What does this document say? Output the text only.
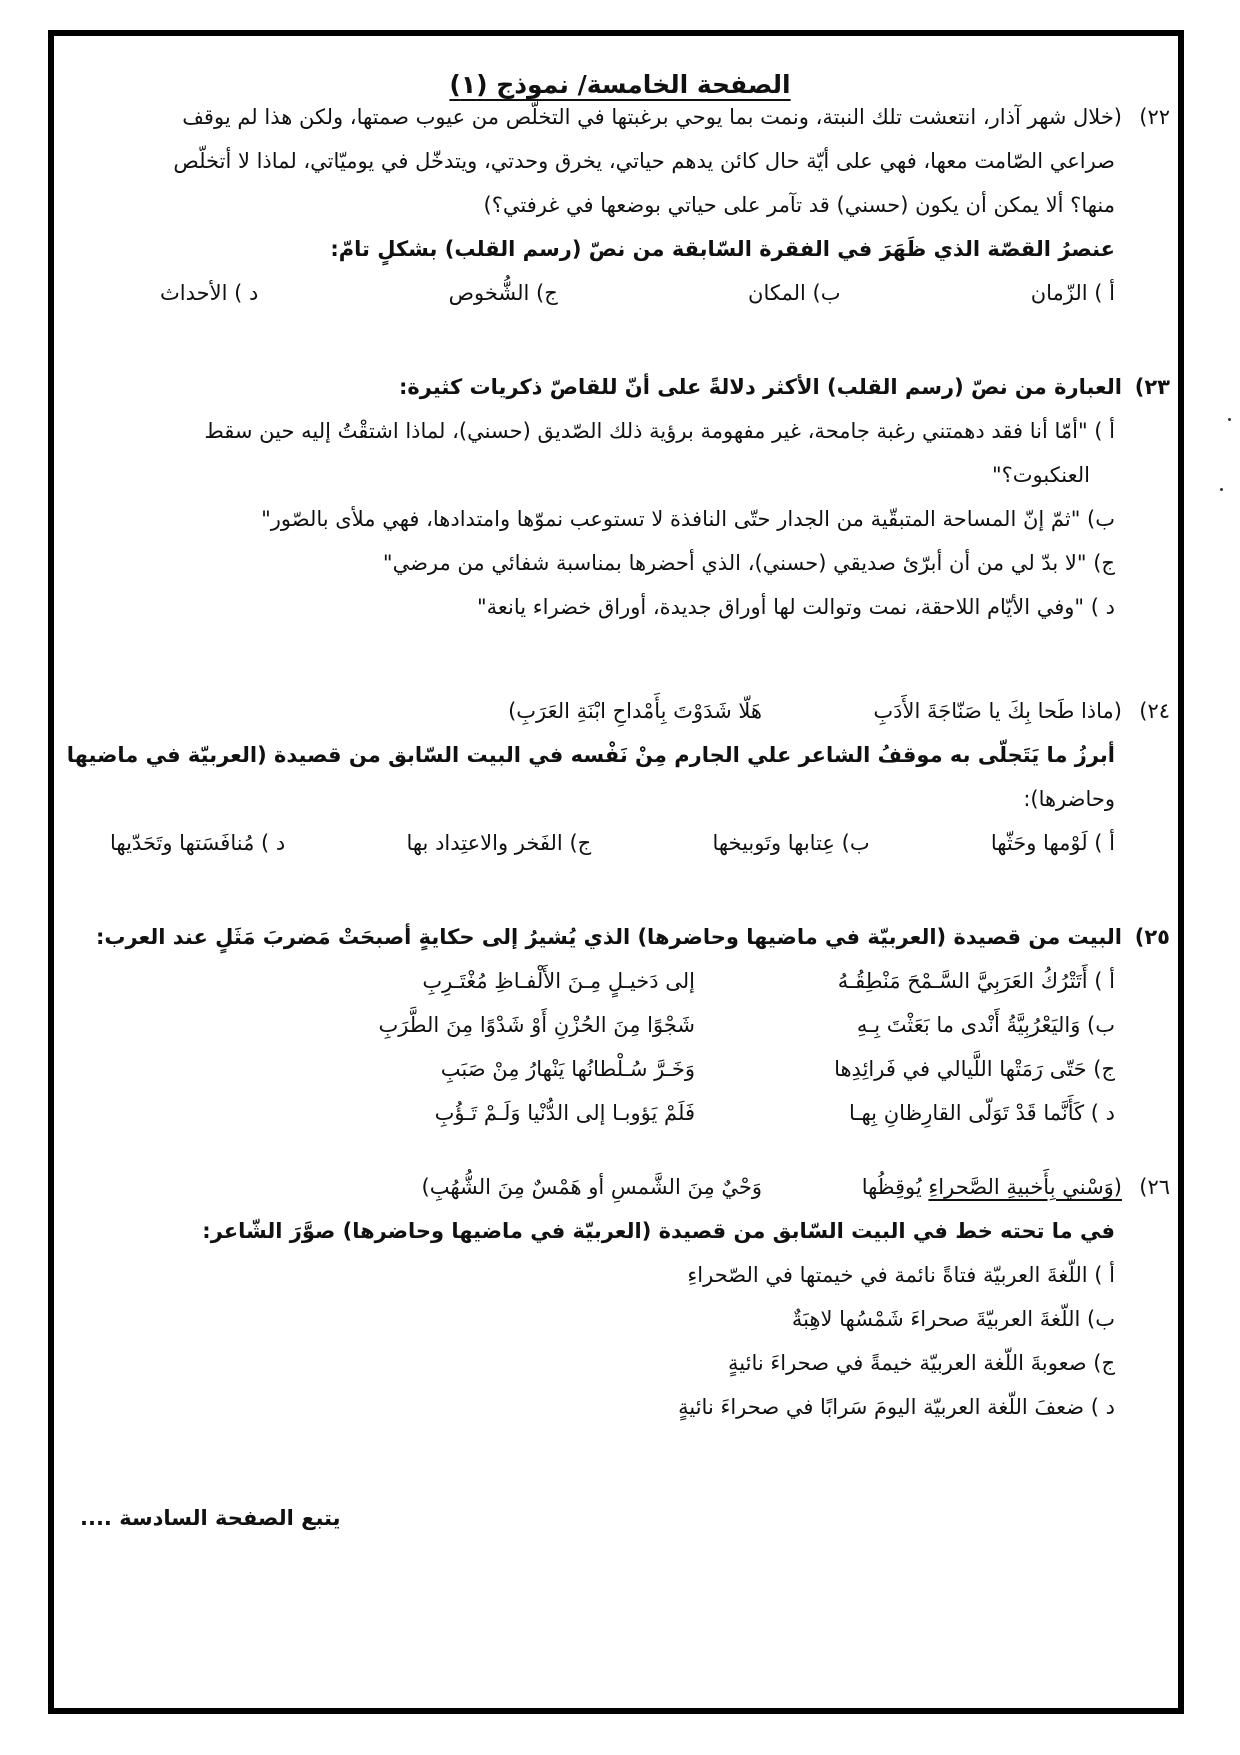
الصفحة الخامسة/ نموذج (١)
٢٢)(خلال شهر آذار، انتعشت تلك النبتة، ونمت بما يوحي برغبتها في التخلّص من عيوب صمتها، ولكن هذا لم يوقف
صراعي الصّامت معها، فهي على أيّة حال كائن يدهم حياتي، يخرق وحدتي، ويتدخّل في يوميّاتي، لماذا لا أتخلّص
منها؟ ألا يمكن أن يكون (حسني) قد تآمر على حياتي بوضعها في غرفتي؟)
عنصرُ القصّة الذي ظَهَرَ في الفقرة السّابقة من نصّ (رسم القلب) بشكلٍ تامّ:
أ ) الزّمان
ب) المكان
ج) الشُّخوص
د ) الأحداث
٢٣)العبارة من نصّ (رسم القلب) الأكثر دلالةً على أنّ للقاصّ ذكريات كثيرة:
أ ) "أمّا أنا فقد دهمتني رغبة جامحة، غير مفهومة برؤية ذلك الصّديق (حسني)، لماذا اشتقْتُ إليه حين سقط
العنكبوت؟"
ب) "ثمّ إنّ المساحة المتبقّية من الجدار حتّى النافذة لا تستوعب نموّها وامتدادها، فهي ملأى بالصّور"
ج) "لا بدّ لي من أن أبرّئ صديقي (حسني)، الذي أحضرها بمناسبة شفائي من مرضي"
د ) "وفي الأيّام اللاحقة، نمت وتوالت لها أوراق جديدة، أوراق خضراء يانعة"
٢٤)(ماذا طَحا بِكَ يا صَنّاجَةَ الأَدَبِهَلّا شَدَوْتَ بِأَمْداحِ ابْنَةِ العَرَبِ)
أبرزُ ما يَتَجلّى به موقفُ الشاعر علي الجارم مِنْ نَفْسه في البيت السّابق من قصيدة (العربيّة في ماضيها
وحاضرها):
أ ) لَوْمها وحَثّها
ب) عِتابها وتَوبيخها
ج) الفَخر والاعتِداد بها
د ) مُنافَسَتها وتَحَدّيها
٢٥)البيت من قصيدة (العربيّة في ماضيها وحاضرها) الذي يُشيرُ إلى حكايةٍ أصبحَتْ مَضربَ مَثَلٍ عند العرب:
أ ) أَتَتْرُكُ العَرَبِيَّ السَّـمْحَ مَنْطِقُـهُ
إلى دَخيـلٍ مِـنَ الأَلْفـاظِ مُغْتَـرِبِ
ب) وَاليَعْرُبِيَّةُ أَنْدى ما بَعَثْتَ بِـهِ
شَجْوًا مِنَ الحُزْنِ أَوْ شَدْوًا مِنَ الطَّرَبِ
ج) حَتّى رَمَتْها اللَّيالي في فَرائِدِها
وَخَـرَّ سُـلْطانُها يَنْهارُ مِنْ صَبَبِ
د ) كَأَنَّما قَدْ تَوَلّى القارِظانِ بِهـا
فَلَمْ يَؤوبـا إلى الدُّنْيا وَلَـمْ تَـؤُبِ
٢٦)(وَسْني بِأَخبيةِ الصَّحراءِ يُوقِظُهاوَحْيٌ مِنَ الشَّمسِ أو هَمْسٌ مِنَ الشُّهُبِ)
في ما تحته خط في البيت السّابق من قصيدة (العربيّة في ماضيها وحاضرها) صوَّرَ الشّاعر:
أ ) اللّغةَ العربيّة فتاةً نائمة في خيمتها في الصّحراءِ
ب) اللّغةَ العربيّةَ صحراءَ شَمْسُها لاهِبَةٌ
ج) صعوبةَ اللّغة العربيّة خيمةً في صحراءَ نائيةٍ
د ) ضعفَ اللّغة العربيّة اليومَ سَرابًا في صحراءَ نائيةٍ
يتبع الصفحة السادسة ....
